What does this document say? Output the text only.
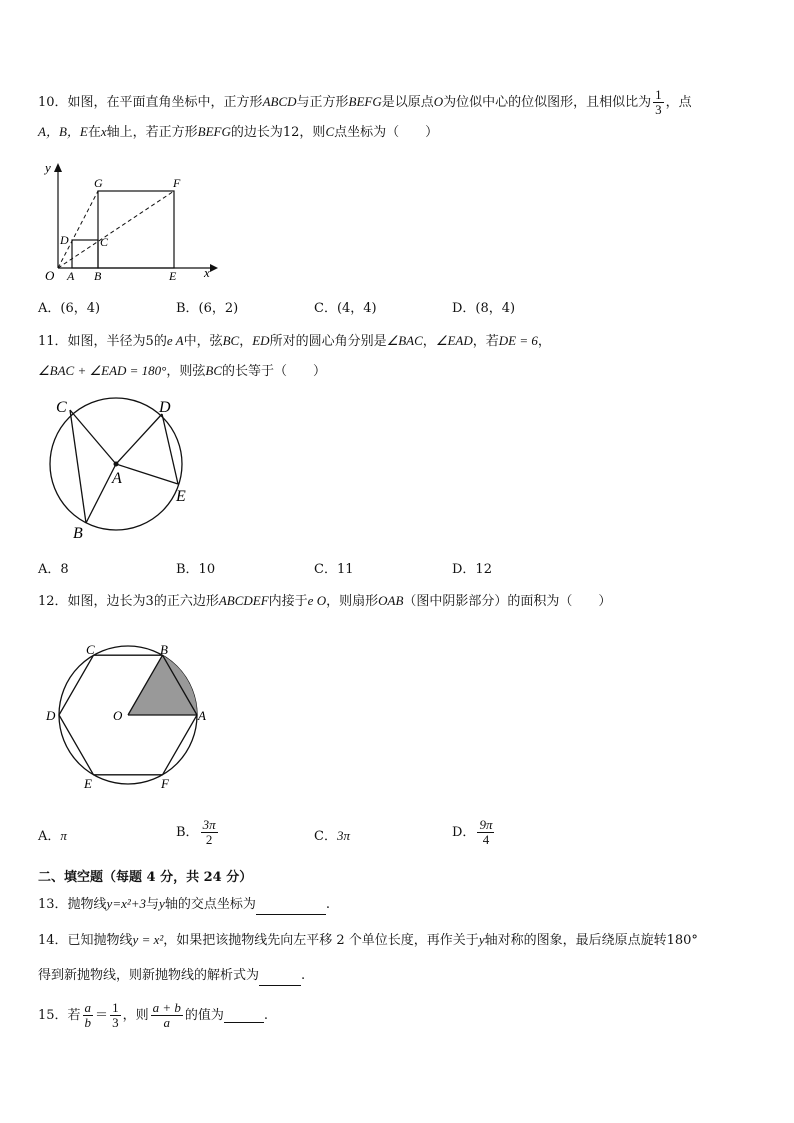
10．如图，在平面直角坐标中，正方形ABCD与正方形BEFG是以原点O为位似中心的位似图形，且相似比为 $\frac{1}{3}$ ，点
A，B，E在x轴上，若正方形BEFG的边长为12，则C点坐标为（　　）
y
x
O A B	E
G	F
D	C
A．(6，4)	B．(6，2)	C．(4，4)	D．(8，4)
11．如图，半径为5的e A中，弦BC，ED所对的圆心角分别是∠BAC，∠EAD，若DE = 6，
∠BAC + ∠EAD = 180°，则弦BC的长等于（　　）
C	D
A
E
B
A．8	B．10	C．11	D．12
12．如图，边长为3的正六边形ABCDEF内接于e O，则扇形OAB（图中阴影部分）的面积为（　　）
B
C
D	O	A
E	F
A．π	B． $\frac{3\pi}{2}$	C．3π	D． $\frac{9\pi}{4}$
二、填空题（每题 4 分，共 24 分）
13．抛物线y=x²+3与y轴的交点坐标为	.
14．已知抛物线y = x²，如果把该抛物线先向左平移 2 个单位长度，再作关于y轴对称的图象，最后绕原点旋转180°
得到新抛物线，则新抛物线的解析式为	.
15．若 $\frac{a}{b} = \frac{1}{3}$ ，则 $\frac{a + b}{a}$ 的值为	.
